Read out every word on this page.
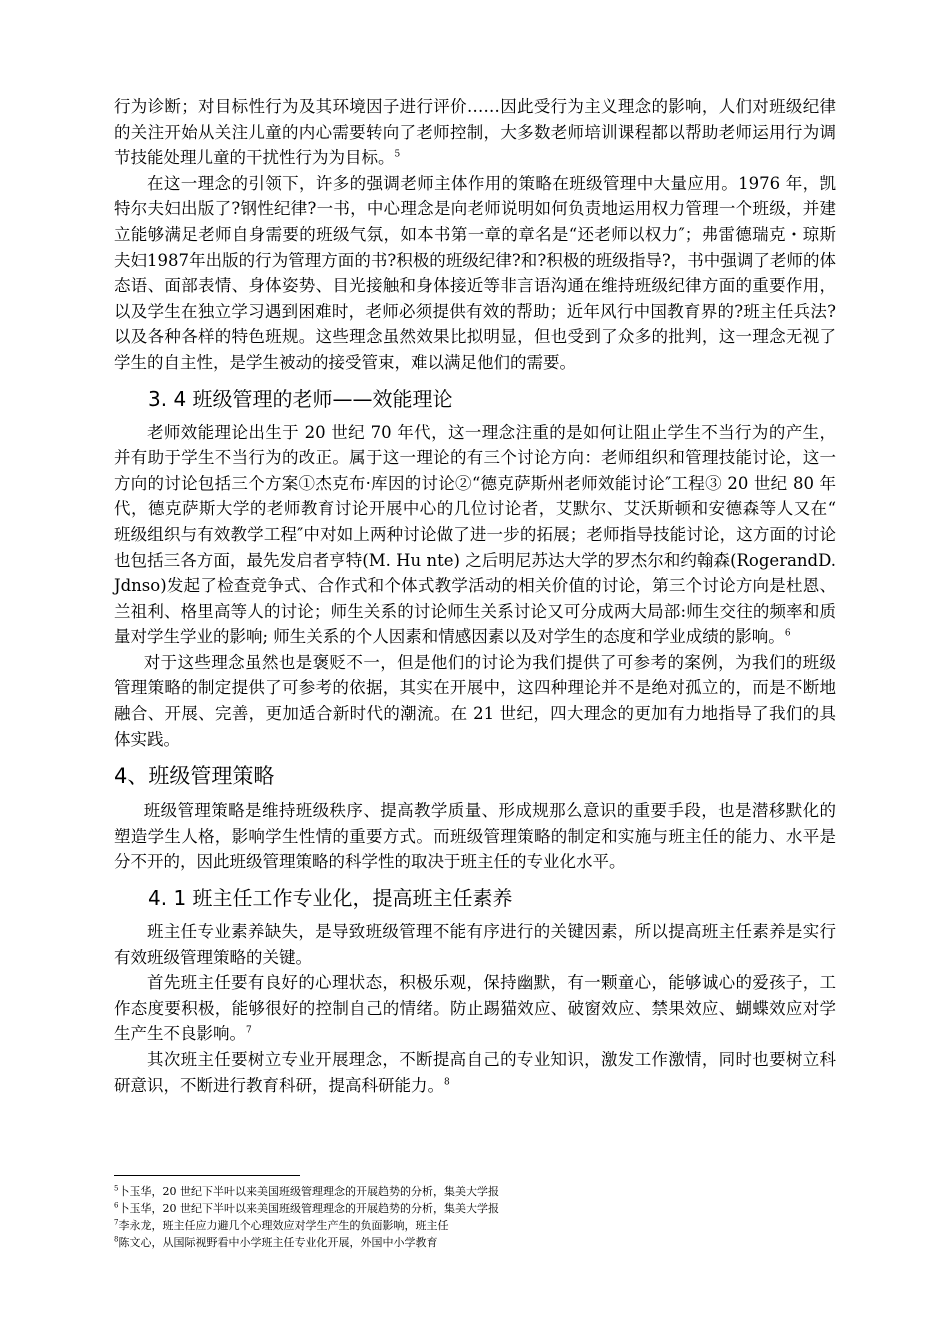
行为诊断；对目标性行为及其环境因子进行评价……因此受行为主义理念的影响，人们对班级纪律的关注开始从关注儿童的内心需要转向了老师控制，大多数老师培训课程都以帮助老师运用行为调节技能处理儿童的干扰性行为为目标。$^5$

在这一理念的引领下，许多的强调老师主体作用的策略在班级管理中大量应用。1976 年，凯特尔夫妇出版了?钢性纪律?一书，中心理念是向老师说明如何负责地运用权力管理一个班级，并建立能够满足老师自身需要的班级气氛，如本书第一章的章名是“还老师以权力″；弗雷德瑞克・琼斯夫妇1987年出版的行为管理方面的书?积极的班级纪律?和?积极的班级指导?，书中强调了老师的体态语、面部表情、身体姿势、目光接触和身体接近等非言语沟通在维持班级纪律方面的重要作用，以及学生在独立学习遇到困难时，老师必须提供有效的帮助；近年风行中国教育界的?班主任兵法?以及各种各样的特色班规。这些理念虽然效果比拟明显，但也受到了众多的批判，这一理念无视了学生的自主性，是学生被动的接受管束，难以满足他们的需要。

3. 4 班级管理的老师——效能理论

老师效能理论出生于 20 世纪 70 年代，这一理念注重的是如何让阻止学生不当行为的产生，并有助于学生不当行为的改正。属于这一理论的有三个讨论方向：老师组织和管理技能讨论，这一方向的讨论包括三个方案①杰克布·库因的讨论②“德克萨斯州老师效能讨论″工程③ 20 世纪 80 年代，德克萨斯大学的老师教育讨论开展中心的几位讨论者，艾默尔、艾沃斯顿和安德森等人又在“ 班级组织与有效教学工程″中对如上两种讨论做了进一步的拓展；老师指导技能讨论，这方面的讨论也包括三各方面，最先发启者亨特(M. Hu nte) 之后明尼苏达大学的罗杰尔和约翰森(RogerandD. Jdnso)发起了检查竞争式、合作式和个体式教学活动的相关价值的讨论，第三个讨论方向是杜恩、兰祖利、格里高等人的讨论；师生关系的讨论师生关系讨论又可分成两大局部:师生交往的频率和质量对学生学业的影响; 师生关系的个人因素和情感因素以及对学生的态度和学业成绩的影响。$^6$

对于这些理念虽然也是褒贬不一，但是他们的讨论为我们提供了可参考的案例，为我们的班级管理策略的制定提供了可参考的依据，其实在开展中，这四种理论并不是绝对孤立的，而是不断地融合、开展、完善，更加适合新时代的潮流。在 21 世纪，四大理念的更加有力地指导了我们的具体实践。

4、班级管理策略

班级管理策略是维持班级秩序、提高教学质量、形成规那么意识的重要手段，也是潜移默化的塑造学生人格，影响学生性情的重要方式。而班级管理策略的制定和实施与班主任的能力、水平是分不开的，因此班级管理策略的科学性的取决于班主任的专业化水平。

4. 1 班主任工作专业化，提高班主任素养

班主任专业素养缺失，是导致班级管理不能有序进行的关键因素，所以提高班主任素养是实行有效班级管理策略的关键。

首先班主任要有良好的心理状态，积极乐观，保持幽默，有一颗童心，能够诚心的爱孩子，工作态度要积极，能够很好的控制自己的情绪。防止踢猫效应、破窗效应、禁果效应、蝴蝶效应对学生产生不良影响。$^7$

其次班主任要树立专业开展理念，不断提高自己的专业知识，激发工作激情，同时也要树立科研意识，不断进行教育科研，提高科研能力。$^8$

$^5$卜玉华，20 世纪下半叶以来美国班级管理理念的开展趋势的分析，集美大学报

$^6$卜玉华，20 世纪下半叶以来美国班级管理理念的开展趋势的分析，集美大学报

$^7$李永龙，班主任应力避几个心理效应对学生产生的负面影响，班主任

$^8$陈文心，从国际视野看中小学班主任专业化开展，外国中小学教育
